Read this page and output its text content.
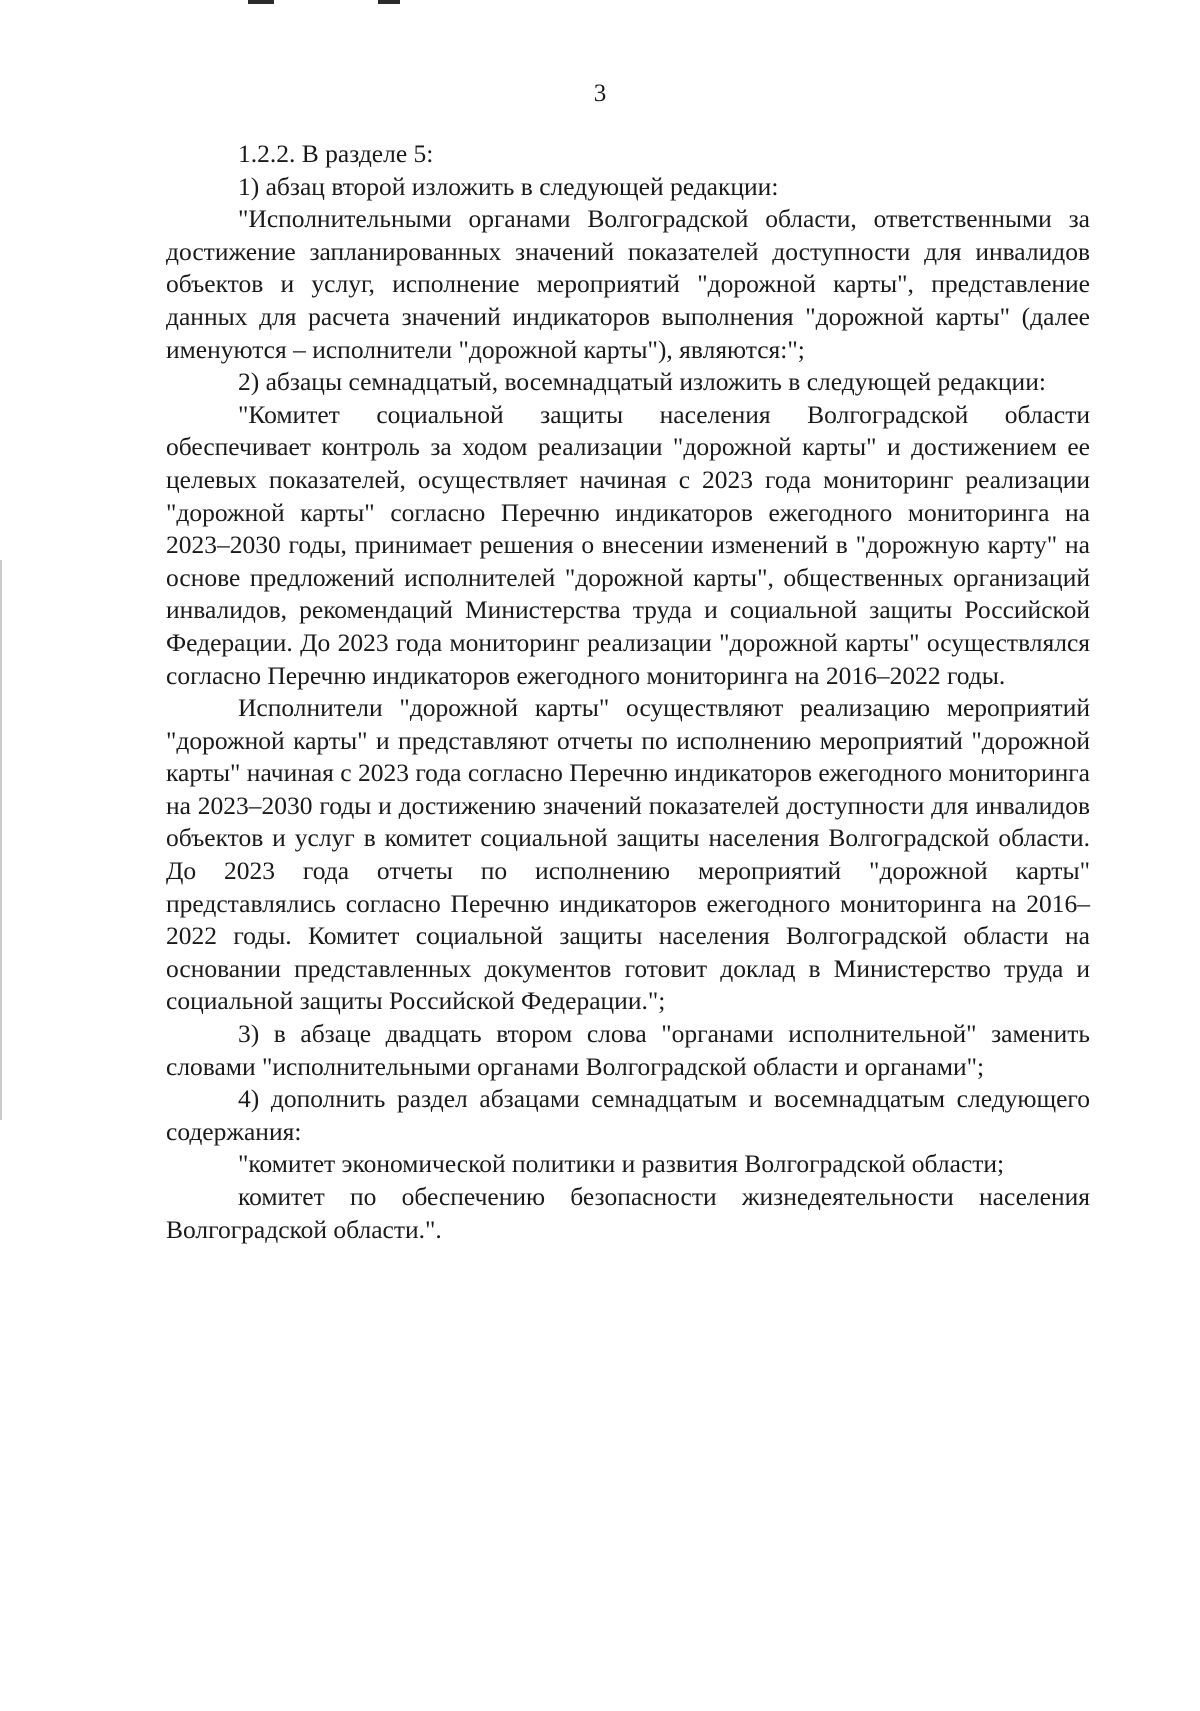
3

1.2.2. В разделе 5:

1) абзац второй изложить в следующей редакции:

"Исполнительными органами Волгоградской области, ответственными за достижение запланированных значений показателей доступности для инвалидов объектов и услуг, исполнение мероприятий "дорожной карты", представление данных для расчета значений индикаторов выполнения "дорожной карты" (далее именуются – исполнители "дорожной карты"), являются:";

2) абзацы семнадцатый, восемнадцатый изложить в следующей редакции:

"Комитет социальной защиты населения Волгоградской области обеспечивает контроль за ходом реализации "дорожной карты" и достижением ее целевых показателей, осуществляет начиная с 2023 года мониторинг реализации "дорожной карты" согласно Перечню индикаторов ежегодного мониторинга на 2023–2030 годы, принимает решения о внесении изменений в "дорожную карту" на основе предложений исполнителей "дорожной карты", общественных организаций инвалидов, рекомендаций Министерства труда и социальной защиты Российской Федерации. До 2023 года мониторинг реализации "дорожной карты" осуществлялся согласно Перечню индикаторов ежегодного мониторинга на 2016–2022 годы.

Исполнители "дорожной карты" осуществляют реализацию мероприятий "дорожной карты" и представляют отчеты по исполнению мероприятий "дорожной карты" начиная с 2023 года согласно Перечню индикаторов ежегодного мониторинга на 2023–2030 годы и достижению значений показателей доступности для инвалидов объектов и услуг в комитет социальной защиты населения Волгоградской области. До 2023 года отчеты по исполнению мероприятий "дорожной карты" представлялись согласно Перечню индикаторов ежегодного мониторинга на 2016–2022 годы. Комитет социальной защиты населения Волгоградской области на основании представленных документов готовит доклад в Министерство труда и социальной защиты Российской Федерации.";

3) в абзаце двадцать втором слова "органами исполнительной" заменить словами "исполнительными органами Волгоградской области и органами";

4) дополнить раздел абзацами семнадцатым и восемнадцатым следующего содержания:

"комитет экономической политики и развития Волгоградской области;

комитет по обеспечению безопасности жизнедеятельности населения Волгоградской области.".
